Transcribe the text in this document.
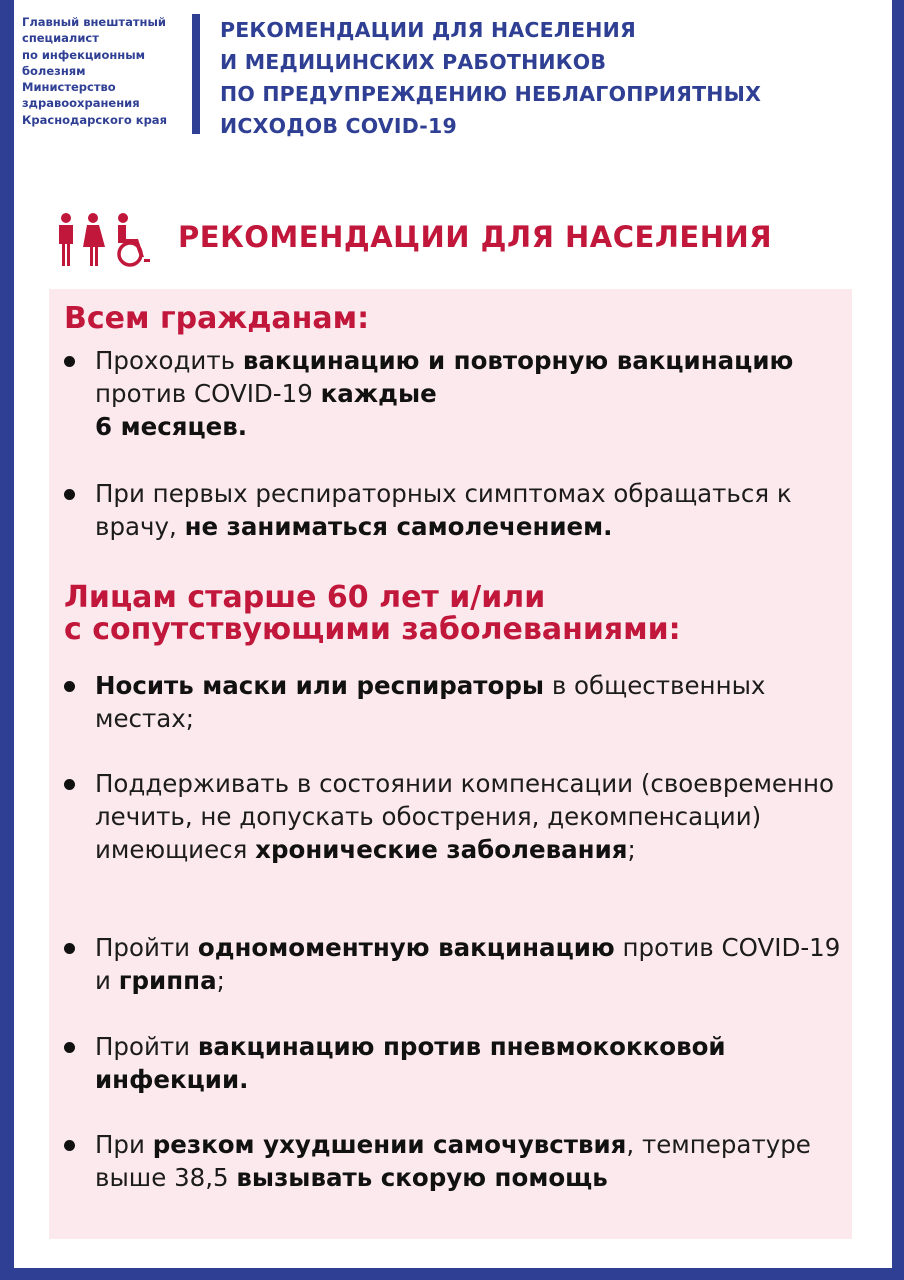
Главный внештатный
специалист
по инфекционным
болезням
Министерство
здравоохранения
Краснодарского края
РЕКОМЕНДАЦИИ ДЛЯ НАСЕЛЕНИЯ
И МЕДИЦИНСКИХ РАБОТНИКОВ
ПО ПРЕДУПРЕЖДЕНИЮ НЕБЛАГОПРИЯТНЫХ
ИСХОДОВ COVID-19
РЕКОМЕНДАЦИИ ДЛЯ НАСЕЛЕНИЯ
Всем гражданам:
Проходить вакцинацию и повторную вакцинацию против COVID-19 каждые
6 месяцев.
При первых респираторных симптомах обращаться к врачу, не заниматься самолечением.
Лицам старше 60 лет и/или
с сопутствующими заболеваниями:
Носить маски или респираторы в общественных местах;
Поддерживать в состоянии компенсации (своевременно лечить, не допускать обострения, декомпенсации) имеющиеся хронические заболевания;
Пройти одномоментную вакцинацию против COVID-19 и гриппа;
Пройти вакцинацию против пневмококковой инфекции.
При резком ухудшении самочувствия, температуре выше 38,5 вызывать скорую помощь
